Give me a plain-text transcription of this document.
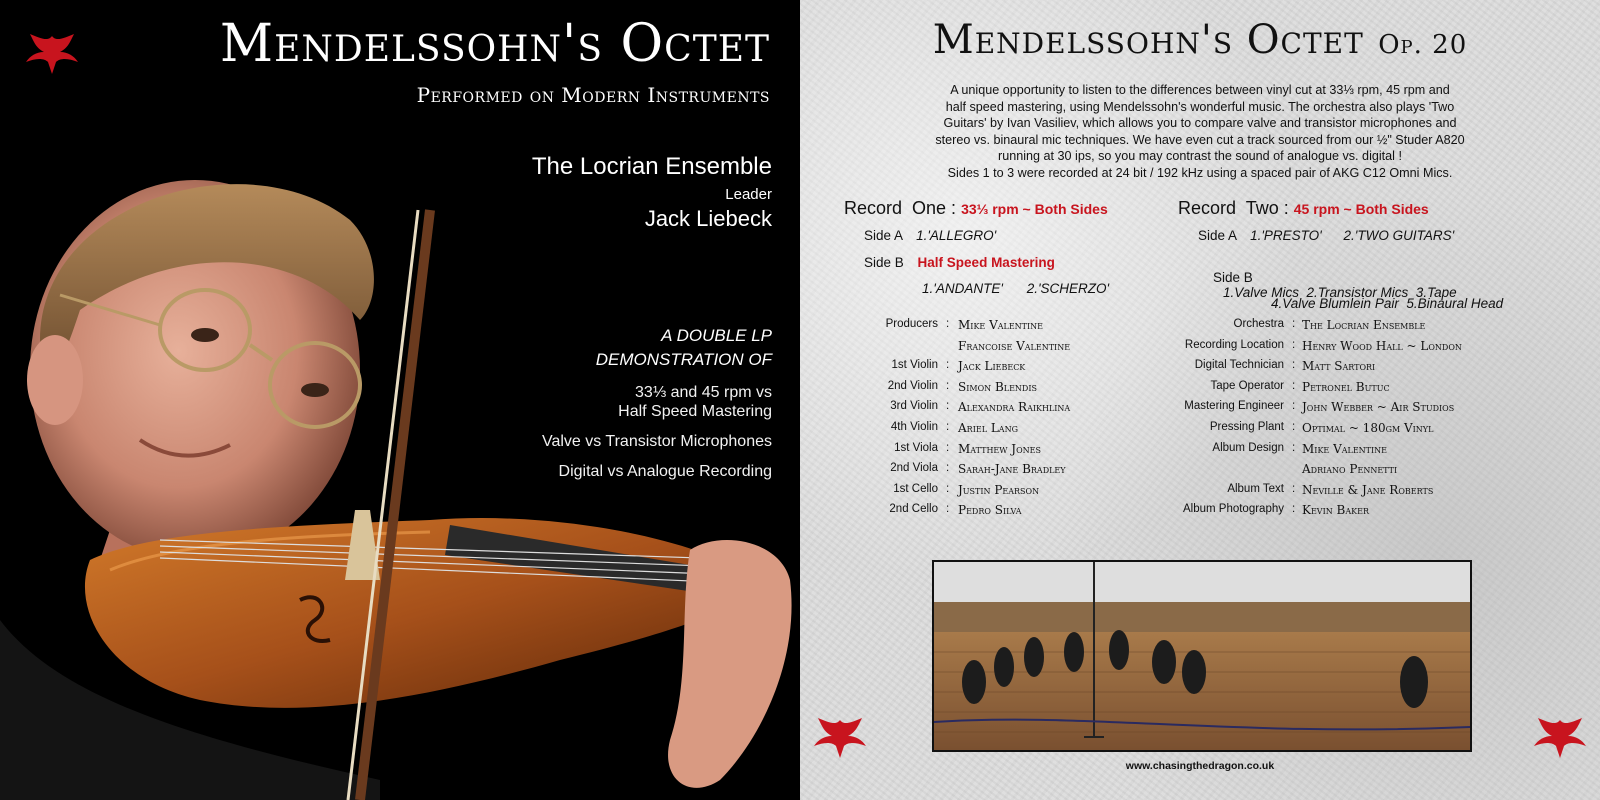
Mendelssohn's Octet
Performed on Modern Instruments
The Locrian Ensemble
Leader
Jack Liebeck
A DOUBLE LP
DEMONSTRATION OF
33⅓ and 45 rpm vs
Half Speed Mastering
Valve vs Transistor Microphones
Digital vs Analogue Recording
Mendelssohn's Octet Op. 20
A unique opportunity to listen to the differences between vinyl cut at 33⅓ rpm, 45 rpm and
half speed mastering, using Mendelssohn's wonderful music. The orchestra also plays 'Two
Guitars' by Ivan Vasiliev, which allows you to compare valve and transistor microphones and
stereo vs. binaural mic techniques. We have even cut a track sourced from our ½" Studer A820
running at 30 ips, so you may contrast the sound of analogue vs. digital !
Sides 1 to 3 were recorded at 24 bit / 192 kHz using a spaced pair of AKG C12 Omni Mics.
Record  One : 33⅓ rpm ~ Both Sides
Side A 1.'ALLEGRO'
Side B Half Speed Mastering
1.'ANDANTE' 2.'SCHERZO'
Record  Two : 45 rpm ~ Both Sides
Side A 1.'PRESTO' 2.'TWO GUITARS'

Side B
1.Valve Mics  2.Transistor Mics  3.Tape

4.Valve Blumlein Pair  5.Binaural Head

Producers : Mike Valentine
Francoise Valentine
1st Violin : Jack Liebeck
2nd Violin : Simon Blendis
3rd Violin : Alexandra Raikhlina
4th Violin : Ariel Lang
1st Viola : Matthew Jones
2nd Viola : Sarah-Jane Bradley
1st Cello : Justin Pearson
2nd Cello : Pedro Silva
Orchestra : The Locrian Ensemble
Recording Location : Henry Wood Hall ~ London
Digital Technician : Matt Sartori
Tape Operator : Petronel Butuc
Mastering Engineer : John Webber ~ Air Studios
Pressing Plant : Optimal ~ 180gm Vinyl
Album Design : Mike Valentine
Adriano Pennetti
Album Text : Neville & Jane Roberts
Album Photography : Kevin Baker
www.chasingthedragon.co.uk
